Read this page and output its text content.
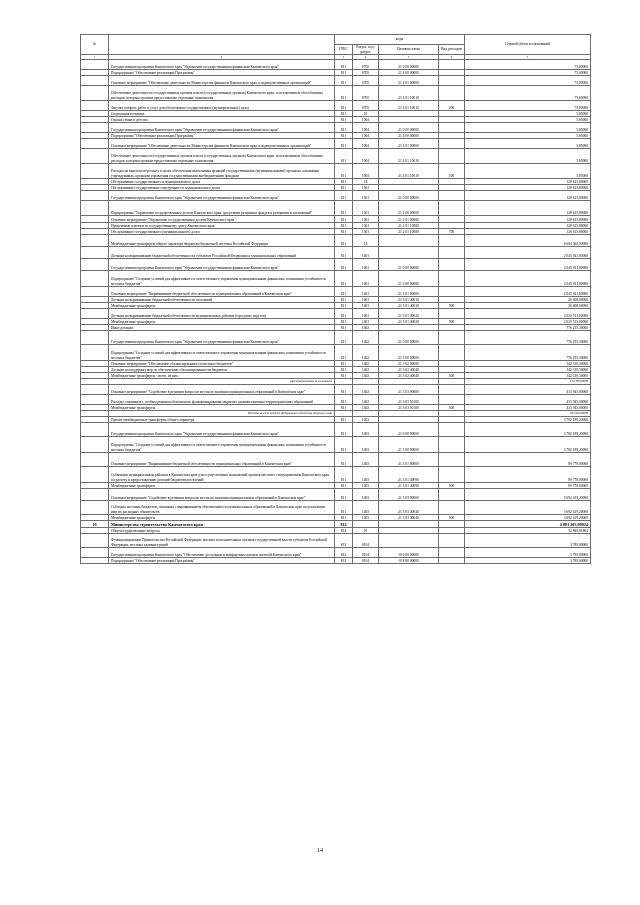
№		коды				Годовой объем ассигнований
		ГРБС	Раздел, под-раздел	Целевая статья	Вид расходов	
1	2	3	4	5	6	7
	Государственная программа Камчатского края "Управление государственными финансами Камчатского края"	811	0705	21 0 00 00000		75,00000
	Подпрограмма "Обеспечение реализации Программы"	811	0705	21 4 00 00000		75,00000
	Основное мероприятие "Обеспечение деятельности Министерства финансов Камчатского края и подведомственных организаций"	811	0705	21 4 01 00000		75,00000
	Обеспечение деятельности государственных органов власти (государственных органов) Камчатского края, за исключением обособленных расходов, которым органам предоставлены отдельные полномочия	811	0705	21 4 01 10010		75,00000
	Закупка товаров, работ и услуг для обеспечения государственных (муниципальных) нужд	811	0705	21 4 01 10010	200	75,00000
	Социальная политика	811	10			5,85000
	Охрана семьи и детства	811	1004			5,85000
	Государственная программа Камчатского края "Управление государственными финансами Камчатского края"	811	1004	21 0 00 00000		5,85000
	Подпрограмма "Обеспечение реализации Программы"	811	1004	21 4 00 00000		5,85000
	Основное мероприятие "Обеспечение деятельности Министерства финансов Камчатского края и подведомственных организаций"	811	1004	21 4 01 00000		5,85000
	Обеспечение деятельности государственных органов власти (государственных органов) Камчатского края, за исключением обособленных расходов, которым органам предоставлены отдельные полномочия	811	1004	21 4 01 10010		5,85000
	Расходы на выплаты персоналу в целях обеспечения выполнения функций государственными (муниципальными) органами, казенными учреждениями, органами управления государственными внебюджетными фондами	811	1004	21 4 01 10010	100	5,85000
	Обслуживание государственного и муниципального долга	811	13			128 615,80000
	Обслуживание государственного внутреннего и муниципального долга	811	1301			128 615,80000
	Государственная программа Камчатского края "Управление государственными финансами Камчатского края"	811	1301	21 0 00 00000		128 615,80000
	Подпрограмма "Управление государственным долгом Камчатского края, средствами резервных фондов и резервами ассигнований"	811	1301	21 2 00 00000		128 615,80000
	Основное мероприятие "Управление государственным долгом Камчатского края"	811	1301	21 2 01 00000		128 615,80000
	Процентные платежи по государственному долгу Камчатского края	811	1301	21 2 01 10080		128 615,80000
	Обслуживание государственного (муниципального) долга	811	1301	21 2 01 10080	700	128 615,80000
	Межбюджетные трансферты общего характера бюджетам бюджетной системы Российской Федерации	811	14			6 604 365,50000
	Дотации на выравнивание бюджетной обеспеченности субъектов Российской Федерации и муниципальных образований	811	1401			2 045 921,00000
	Государственная программа Камчатского края "Управление государственными финансами Камчатского края"	811	1401	21 0 00 00000		2 045 921,00000
	Подпрограмма "Создание условий для эффективного и ответственного управления муниципальными финансами, повышения устойчивости местных бюджетов"	811	1401	21 3 00 00000		2 045 921,00000
	Основное мероприятие "Выравнивание бюджетной обеспеченности муниципальных образований в Камчатском крае"	811	1401	21 3 01 00000		2 045 921,00000
	Дотации на выравнивание бюджетной обеспеченности поселений	811	1401	21 3 01 40010		20 408,00000
	Межбюджетные трансферты	811	1401	21 3 01 40010	500	20 408,00000
	Дотации на выравнивание бюджетной обеспеченности муниципальных районов (городских округов)	811	1401	21 3 01 40020		2 025 513,00000
	Межбюджетные трансферты	811	1401	21 3 01 40020	500	2 025 513,00000
	Иные дотации	811	1402			776 255,30000
	Государственная программа Камчатского края "Управление государственными финансами Камчатского края"	811	1402	21 0 00 00000		776 255,30000
	Подпрограмма "Создание условий для эффективного и ответственного управления муниципальными финансами, повышения устойчивости местных бюджетов"	811	1402	21 3 00 00000		776 255,30000
	Основное мероприятие "Обеспечение сбалансированности местных бюджетов"	811	1402	21 3 02 00000		342 310,30000
	Дотации на поддержку мер по обеспечению сбалансированности бюджетов	811	1402	21 3 02 40040		342 310,30000
	Межбюджетные трансферты - всего, из них:	811	1402	21 3 02 40040	500	342 310,30000
	зарезервированные ассигнования					174 785,00000
	Основное мероприятие "Содействие в решении вопросов местного значения муниципальных образований в Камчатском крае"	811	1402	21 3 03 00000		433 945,00000
	Расходы, связанные с особым режимом безопасного функционирования закрытых административно-территориальных образований	811	1402	21 3 03 50100		433 945,00000
	Межбюджетные трансферты	811	1402	21 3 03 50100	500	433 945,00000
	Расходы за счет средств федерального бюджета текущего года					433 945,00000
	Прочие межбюджетные трансферты общего характера	811	1403			3 782 189,20000
	Государственная программа Камчатского края "Управление государственными финансами Камчатского края"	811	1403	21 0 00 00000		3 782 189,20000
	Подпрограмма "Создание условий для эффективного и ответственного управления муниципальными финансами, повышения устойчивости местных бюджетов"	811	1403	21 3 00 00000		3 782 189,20000
	Основное мероприятие "Выравнивание бюджетной обеспеченности муниципальных образований в Камчатском крае"	811	1403	21 3 01 00000		89 770,00000
	Субвенции муниципальным районам в Камчатском крае для осуществления полномочий органов местного самоуправления Камчатского края по расчету и предоставлению дотаций бюджетам поселений	811	1403	21 3 01 40090		89 770,00000
	Межбюджетные трансферты	811	1403	21 3 01 40090	500	89 770,00000
	Основное мероприятие "Содействие в решении вопросов местного значения муниципальных образований в Камчатском крае"	811	1403	21 3 03 00000		3 692 419,20000
	Субсидия местным бюджетам, связанная с выравниванием обеспеченности муниципальных образований в Камчатском крае по реализации ими их расходных обязательств	811	1403	21 3 03 40040		3 692 419,20000
	Межбюджетные трансферты	811	1403	21 3 03 40040	500	3 692 419,20000
10	Министерство строительства Камчатского края	812				4 881 205,99924
	Общегосударственные вопросы	812	01			52 865,01864
	Функционирование Правительства Российской Федерации, высших исполнительных органов государственной власти субъектов Российской Федерации, местных администраций	812	0104			3 785,00000
	Государственная программа Камчатского края "Обеспечение доступным и комфортным жильем жителей Камчатского края"	812	0104	10 0 00 00000		3 785,00000
	Подпрограмма "Обеспечение реализации Программы"	812	0104	10 8 00 00000		3 785,00000
14
